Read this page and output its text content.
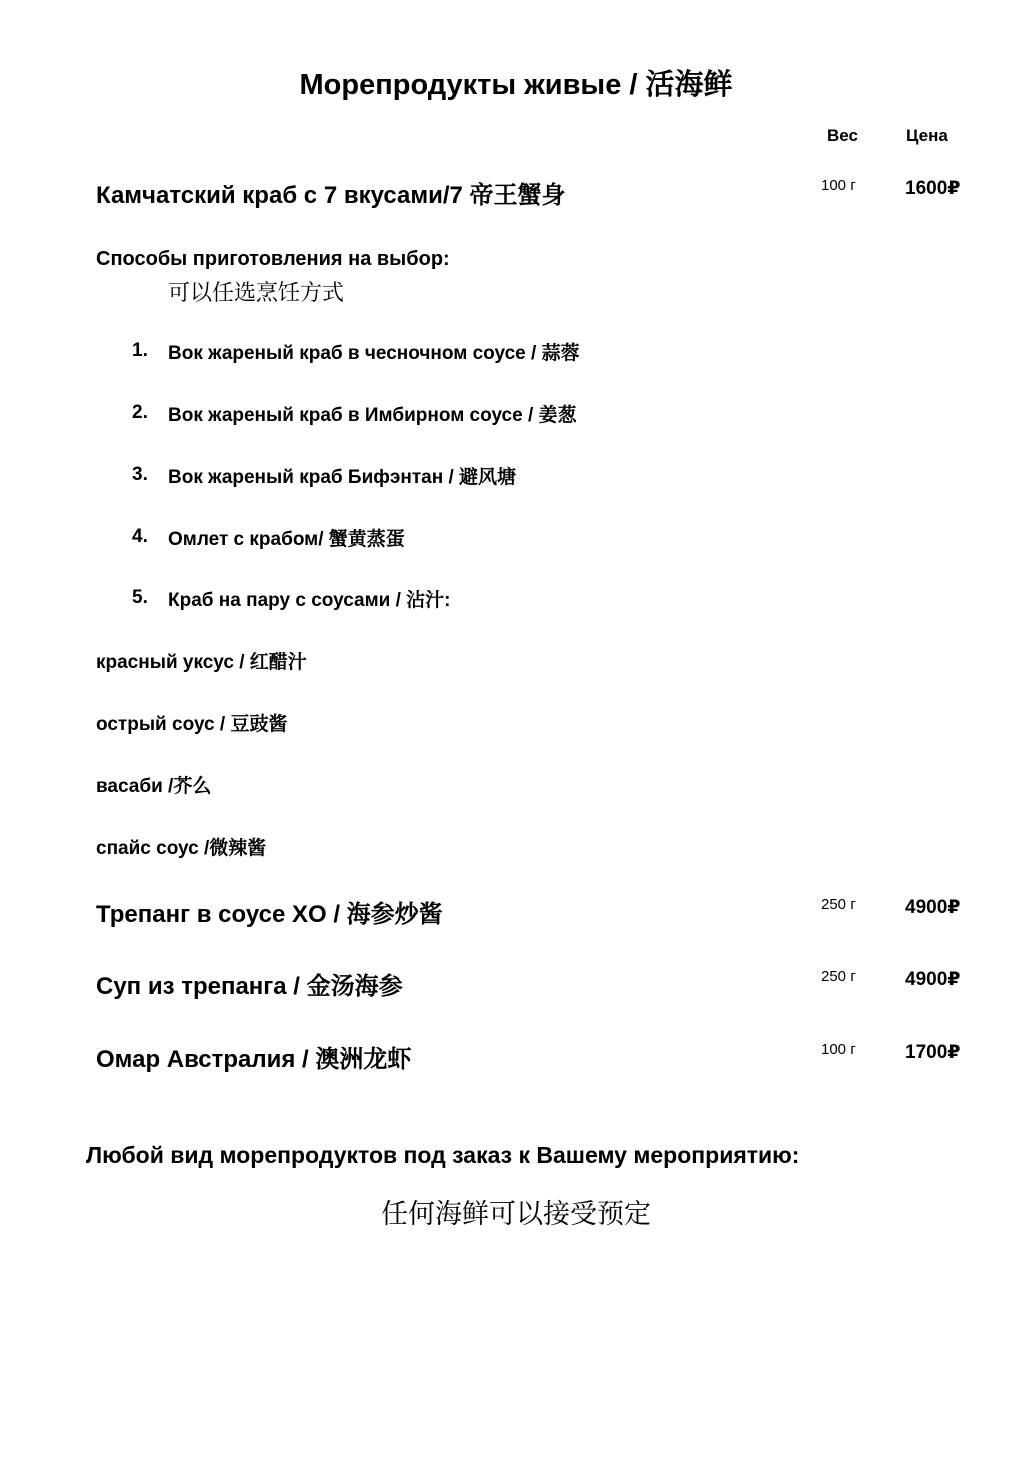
Морепродукты живые / 活海鲜
Вес	Цена
Камчатский краб с 7 вкусами/7 帝王蟹身	100 г	1600₽
Способы приготовления на выбор:
可以任选烹饪方式
1. Вок жареный краб в чесночном соусе / 蒜蓉
2. Вок жареный краб в Имбирном соусе / 姜葱
3. Вок жареный краб Бифэнтан / 避风塘
4. Омлет с крабом/ 蟹黄蒸蛋
5. Краб на пару с соусами / 沾汁:
красный уксус / 红醋汁
острый соус / 豆豉酱
васаби /芥么
спайс соус /微辣酱
Трепанг в соусе XO / 海参炒酱	250 г	4900₽
Суп из трепанга / 金汤海参	250 г	4900₽
Омар Австралия / 澳洲龙虾	100 г	1700₽
Любой вид морепродуктов под заказ к Вашему мероприятию:
任何海鲜可以接受预定
